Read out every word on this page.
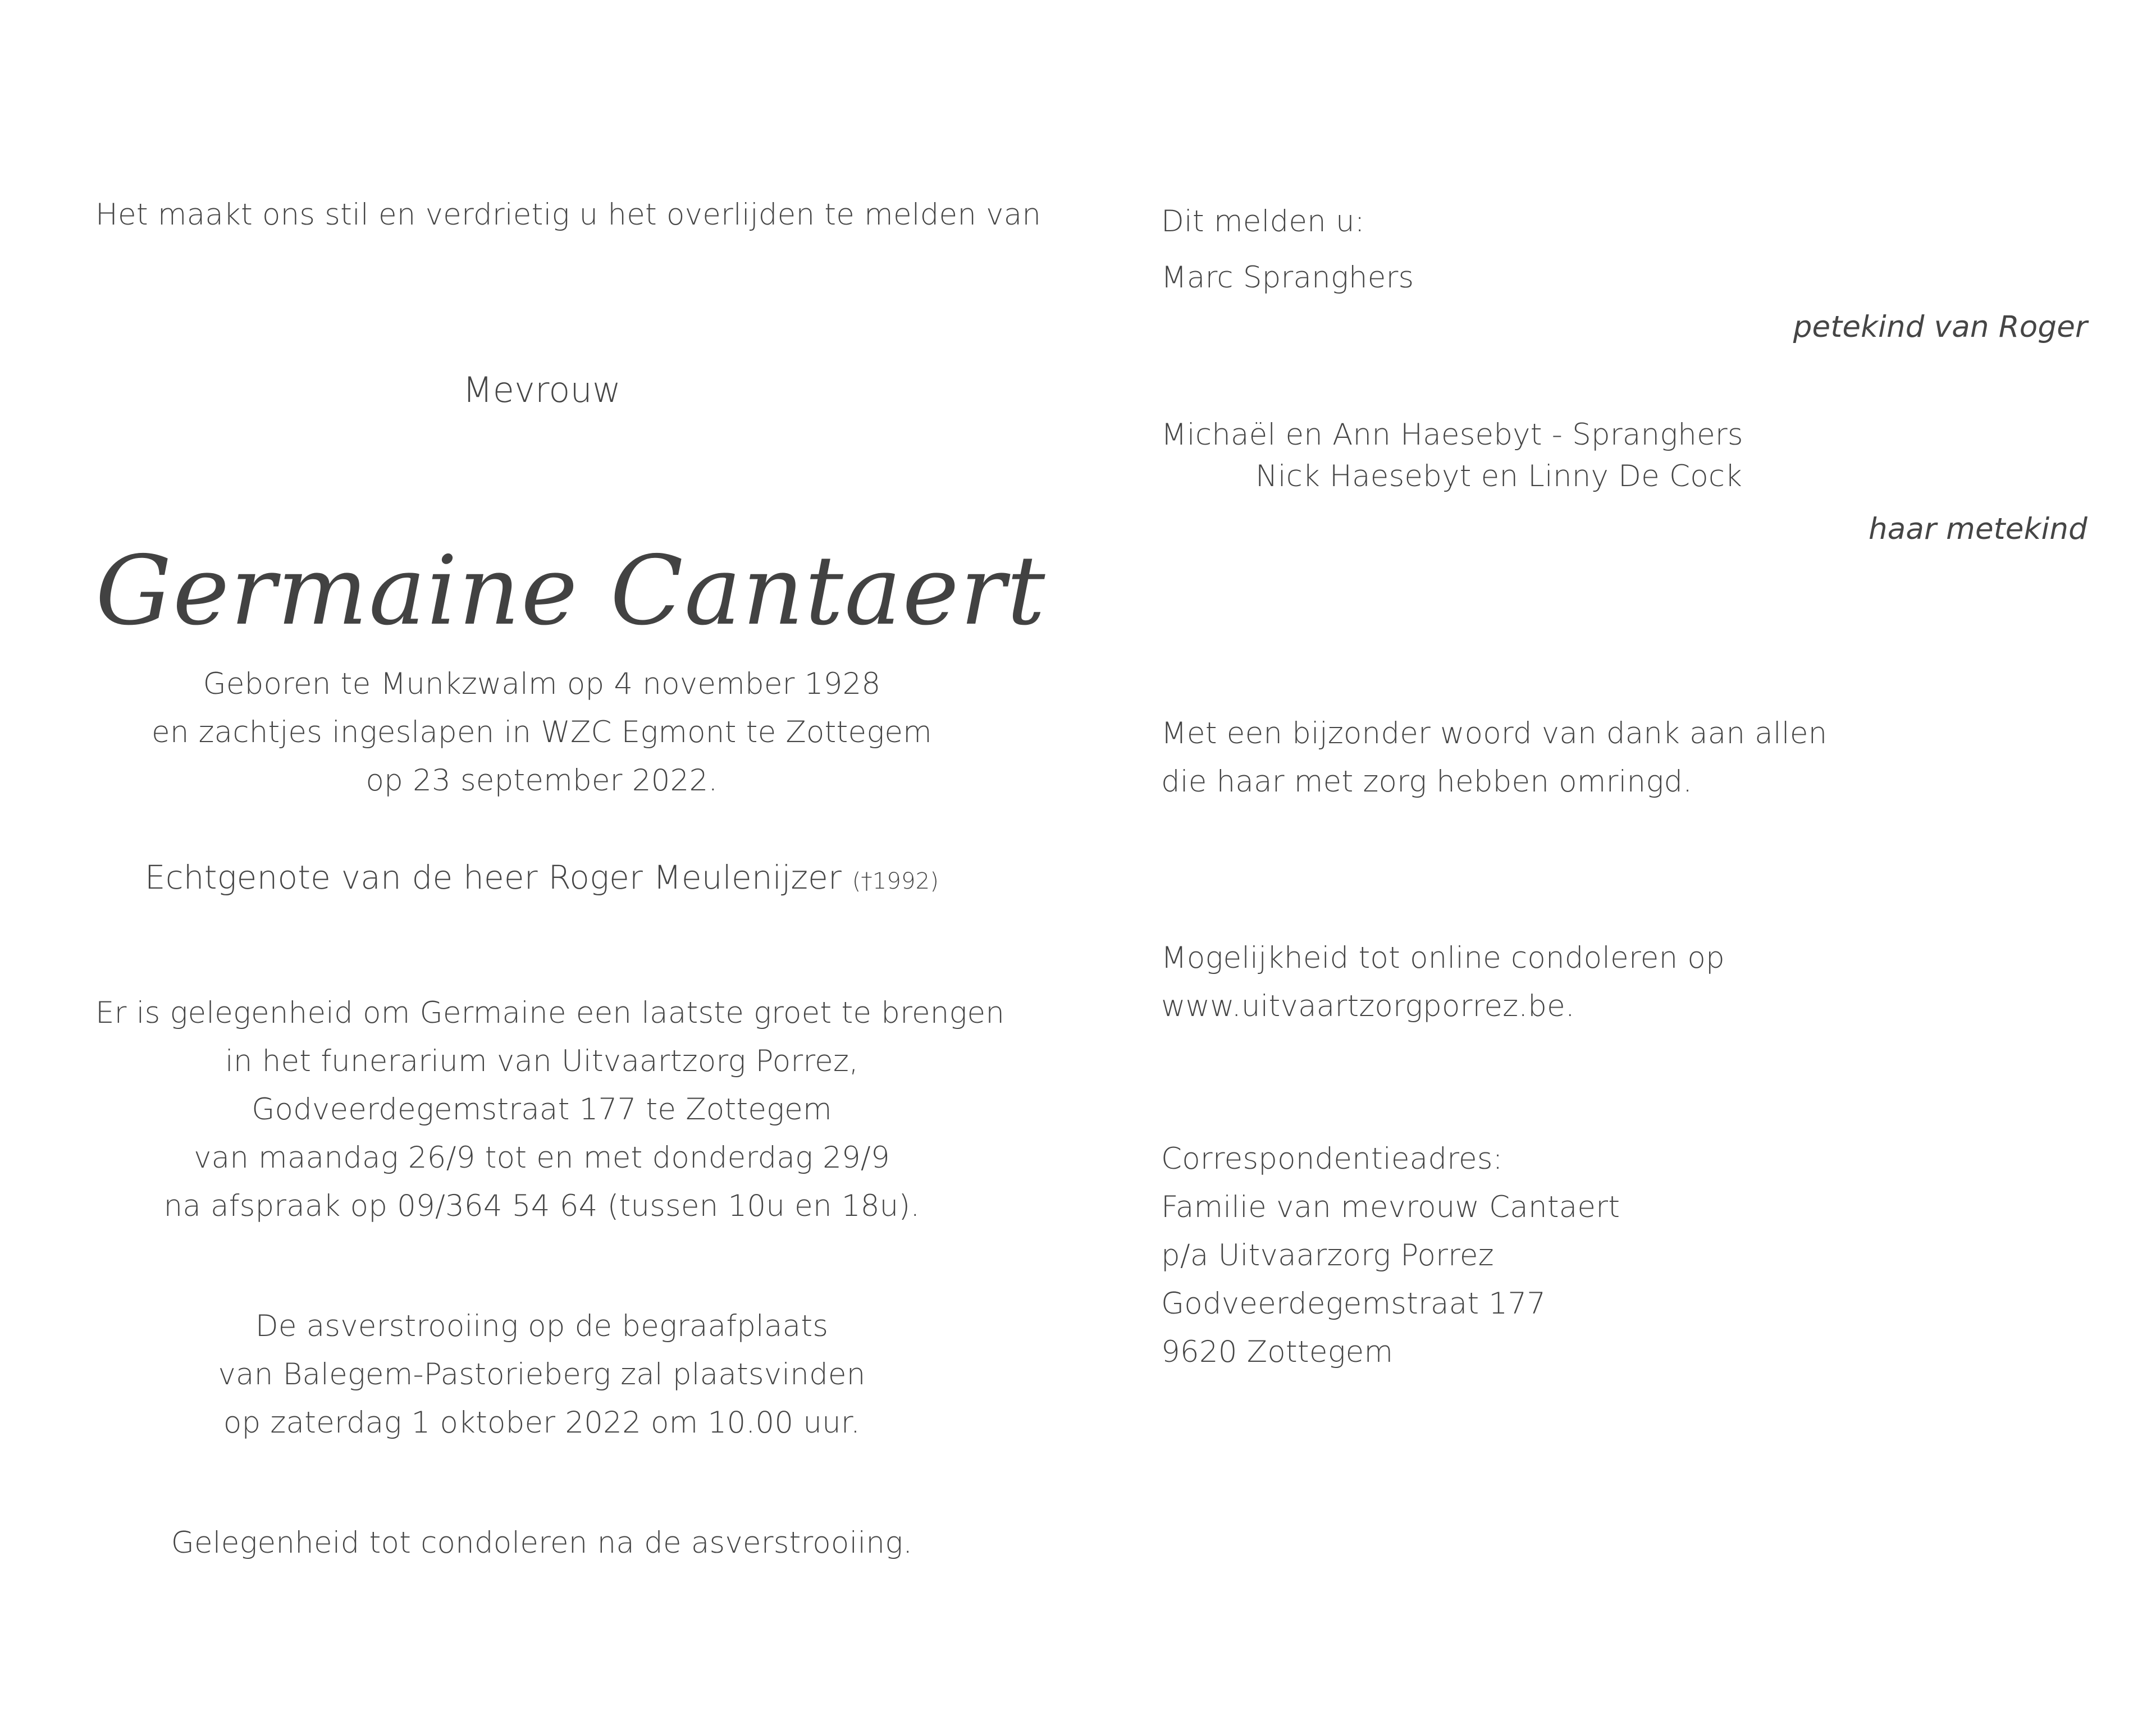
Het maakt ons stil en verdrietig u het overlijden te melden van
Mevrouw
Germaine Cantaert
Geboren te Munkzwalm op 4 november 1928
en zachtjes ingeslapen in WZC Egmont te Zottegem
op 23 september 2022.
Echtgenote van de heer Roger Meulenijzer (†1992)
Er is gelegenheid om Germaine een laatste groet te brengen
in het funerarium van Uitvaartzorg Porrez,
Godveerdegemstraat 177 te Zottegem
van maandag 26/9 tot en met donderdag 29/9
na afspraak op 09/364 54 64 (tussen 10u en 18u).
De asverstrooiing op de begraafplaats
van Balegem-Pastorieberg zal plaatsvinden
op zaterdag 1 oktober 2022 om 10.00 uur.
Gelegenheid tot condoleren na de asverstrooiing.
Dit melden u:
Marc Spranghers
petekind van Roger
Michaël en Ann Haesebyt - Spranghers
Nick Haesebyt en Linny De Cock
haar metekind
Met een bijzonder woord van dank aan allen
die haar met zorg hebben omringd.
Mogelijkheid tot online condoleren op
www.uitvaartzorgporrez.be.
Correspondentieadres:
Familie van mevrouw Cantaert
p/a Uitvaarzorg Porrez
Godveerdegemstraat 177
9620 Zottegem
